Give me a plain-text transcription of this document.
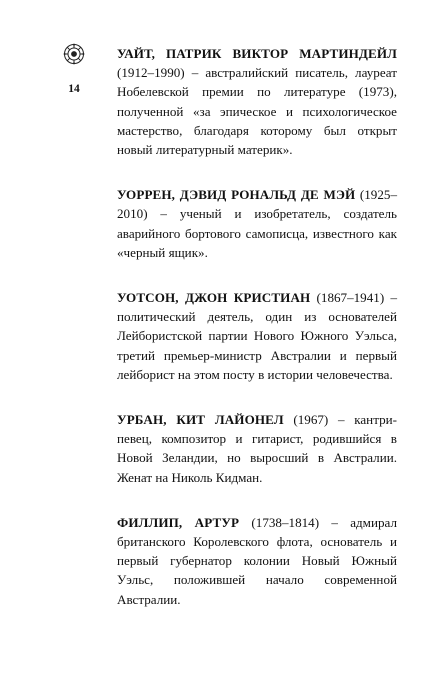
14

УАЙТ, ПАТРИК ВИКТОР МАРТИНДЕЙЛ (1912–1990) – австралийский писатель, лауреат Нобелевской премии по литературе (1973), полученной «за эпическое и психологическое мастерство, благодаря которому был открыт новый литературный материк».

УОРРЕН, ДЭВИД РОНАЛЬД ДЕ МЭЙ (1925–2010) – ученый и изобретатель, создатель аварийного бортового самописца, известного как «черный ящик».

УОТСОН, ДЖОН КРИСТИАН (1867–1941) – политический деятель, один из основателей Лейбористской партии Нового Южного Уэльса, третий премьер-министр Австралии и первый лейборист на этом посту в истории человечества.

УРБАН, КИТ ЛАЙОНЕЛ (1967) – кантри-певец, композитор и гитарист, родившийся в Новой Зеландии, но выросший в Австралии. Женат на Николь Кидман.

ФИЛЛИП, АРТУР (1738–1814) – адмирал британского Королевского флота, основатель и первый губернатор колонии Новый Южный Уэльс, положившей начало современной Австралии.
